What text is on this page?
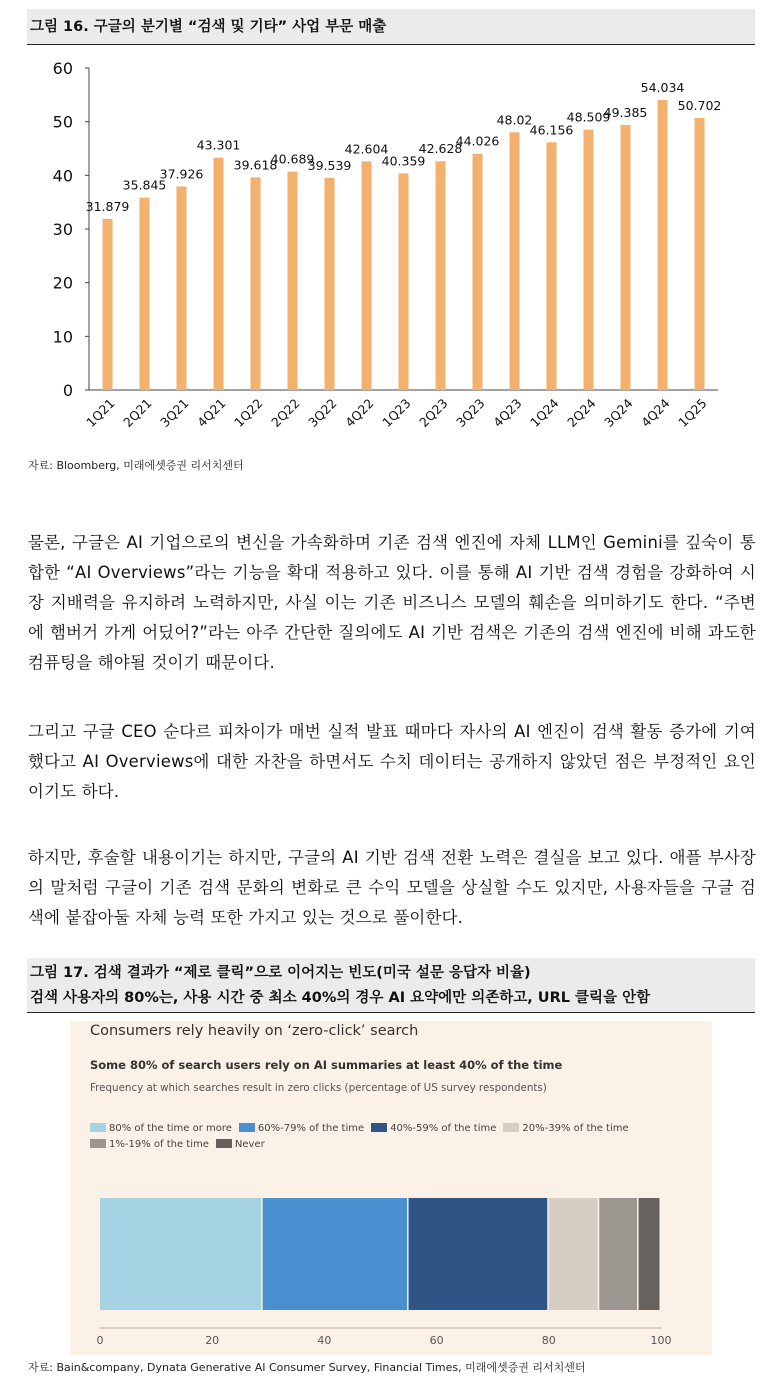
그림 16. 구글의 분기별 “검색 및 기타” 사업 부문 매출
0
10
20
30
40
50
60
31.879
1Q21
35.845
2Q21
37.926
3Q21
43.301
4Q21
39.618
1Q22
40.689
2Q22
39.539
3Q22
42.604
4Q22
40.359
1Q23
42.628
2Q23
44.026
3Q23
48.02
4Q23
46.156
1Q24
48.509
2Q24
49.385
3Q24
54.034
4Q24
50.702
1Q25
자료: Bloomberg, 미래에셋증권 리서치센터

물론, 구글은 AI 기업으로의 변신을 가속화하며 기존 검색 엔진에 자체 LLM인 Gemini를 깊숙이 통합한 “AI Overviews”라는 기능을 확대 적용하고 있다. 이를 통해 AI 기반 검색 경험을 강화하여 시장 지배력을 유지하려 노력하지만, 사실 이는 기존 비즈니스 모델의 훼손을 의미하기도 한다. “주변에 햄버거 가게 어딨어?”라는 아주 간단한 질의에도 AI 기반 검색은 기존의 검색 엔진에 비해 과도한 컴퓨팅을 해야될 것이기 때문이다.

그리고 구글 CEO 순다르 피차이가 매번 실적 발표 때마다 자사의 AI 엔진이 검색 활동 증가에 기여했다고 AI Overviews에 대한 자찬을 하면서도 수치 데이터는 공개하지 않았던 점은 부정적인 요인이기도 하다.

하지만, 후술할 내용이기는 하지만, 구글의 AI 기반 검색 전환 노력은 결실을 보고 있다. 애플 부사장의 말처럼 구글이 기존 검색 문화의 변화로 큰 수익 모델을 상실할 수도 있지만, 사용자들을 구글 검색에 붙잡아둘 자체 능력 또한 가지고 있는 것으로 풀이한다.

그림 17. 검색 결과가 “제로 클릭”으로 이어지는 빈도(미국 설문 응답자 비율)
검색 사용자의 80%는, 사용 시간 중 최소 40%의 경우 AI 요약에만 의존하고, URL 클릭을 안함
Consumers rely heavily on ‘zero-click’ search
Some 80% of search users rely on AI summaries at least 40% of the time
Frequency at which searches result in zero clicks (percentage of US survey respondents)
80% of the time or more	60%-79% of the time	40%-59% of the time	20%-39% of the time
1%-19% of the time	Never
0	20	40	60	80	100
자료: Bain&company, Dynata Generative AI Consumer Survey, Financial Times, 미래에셋증권 리서치센터
